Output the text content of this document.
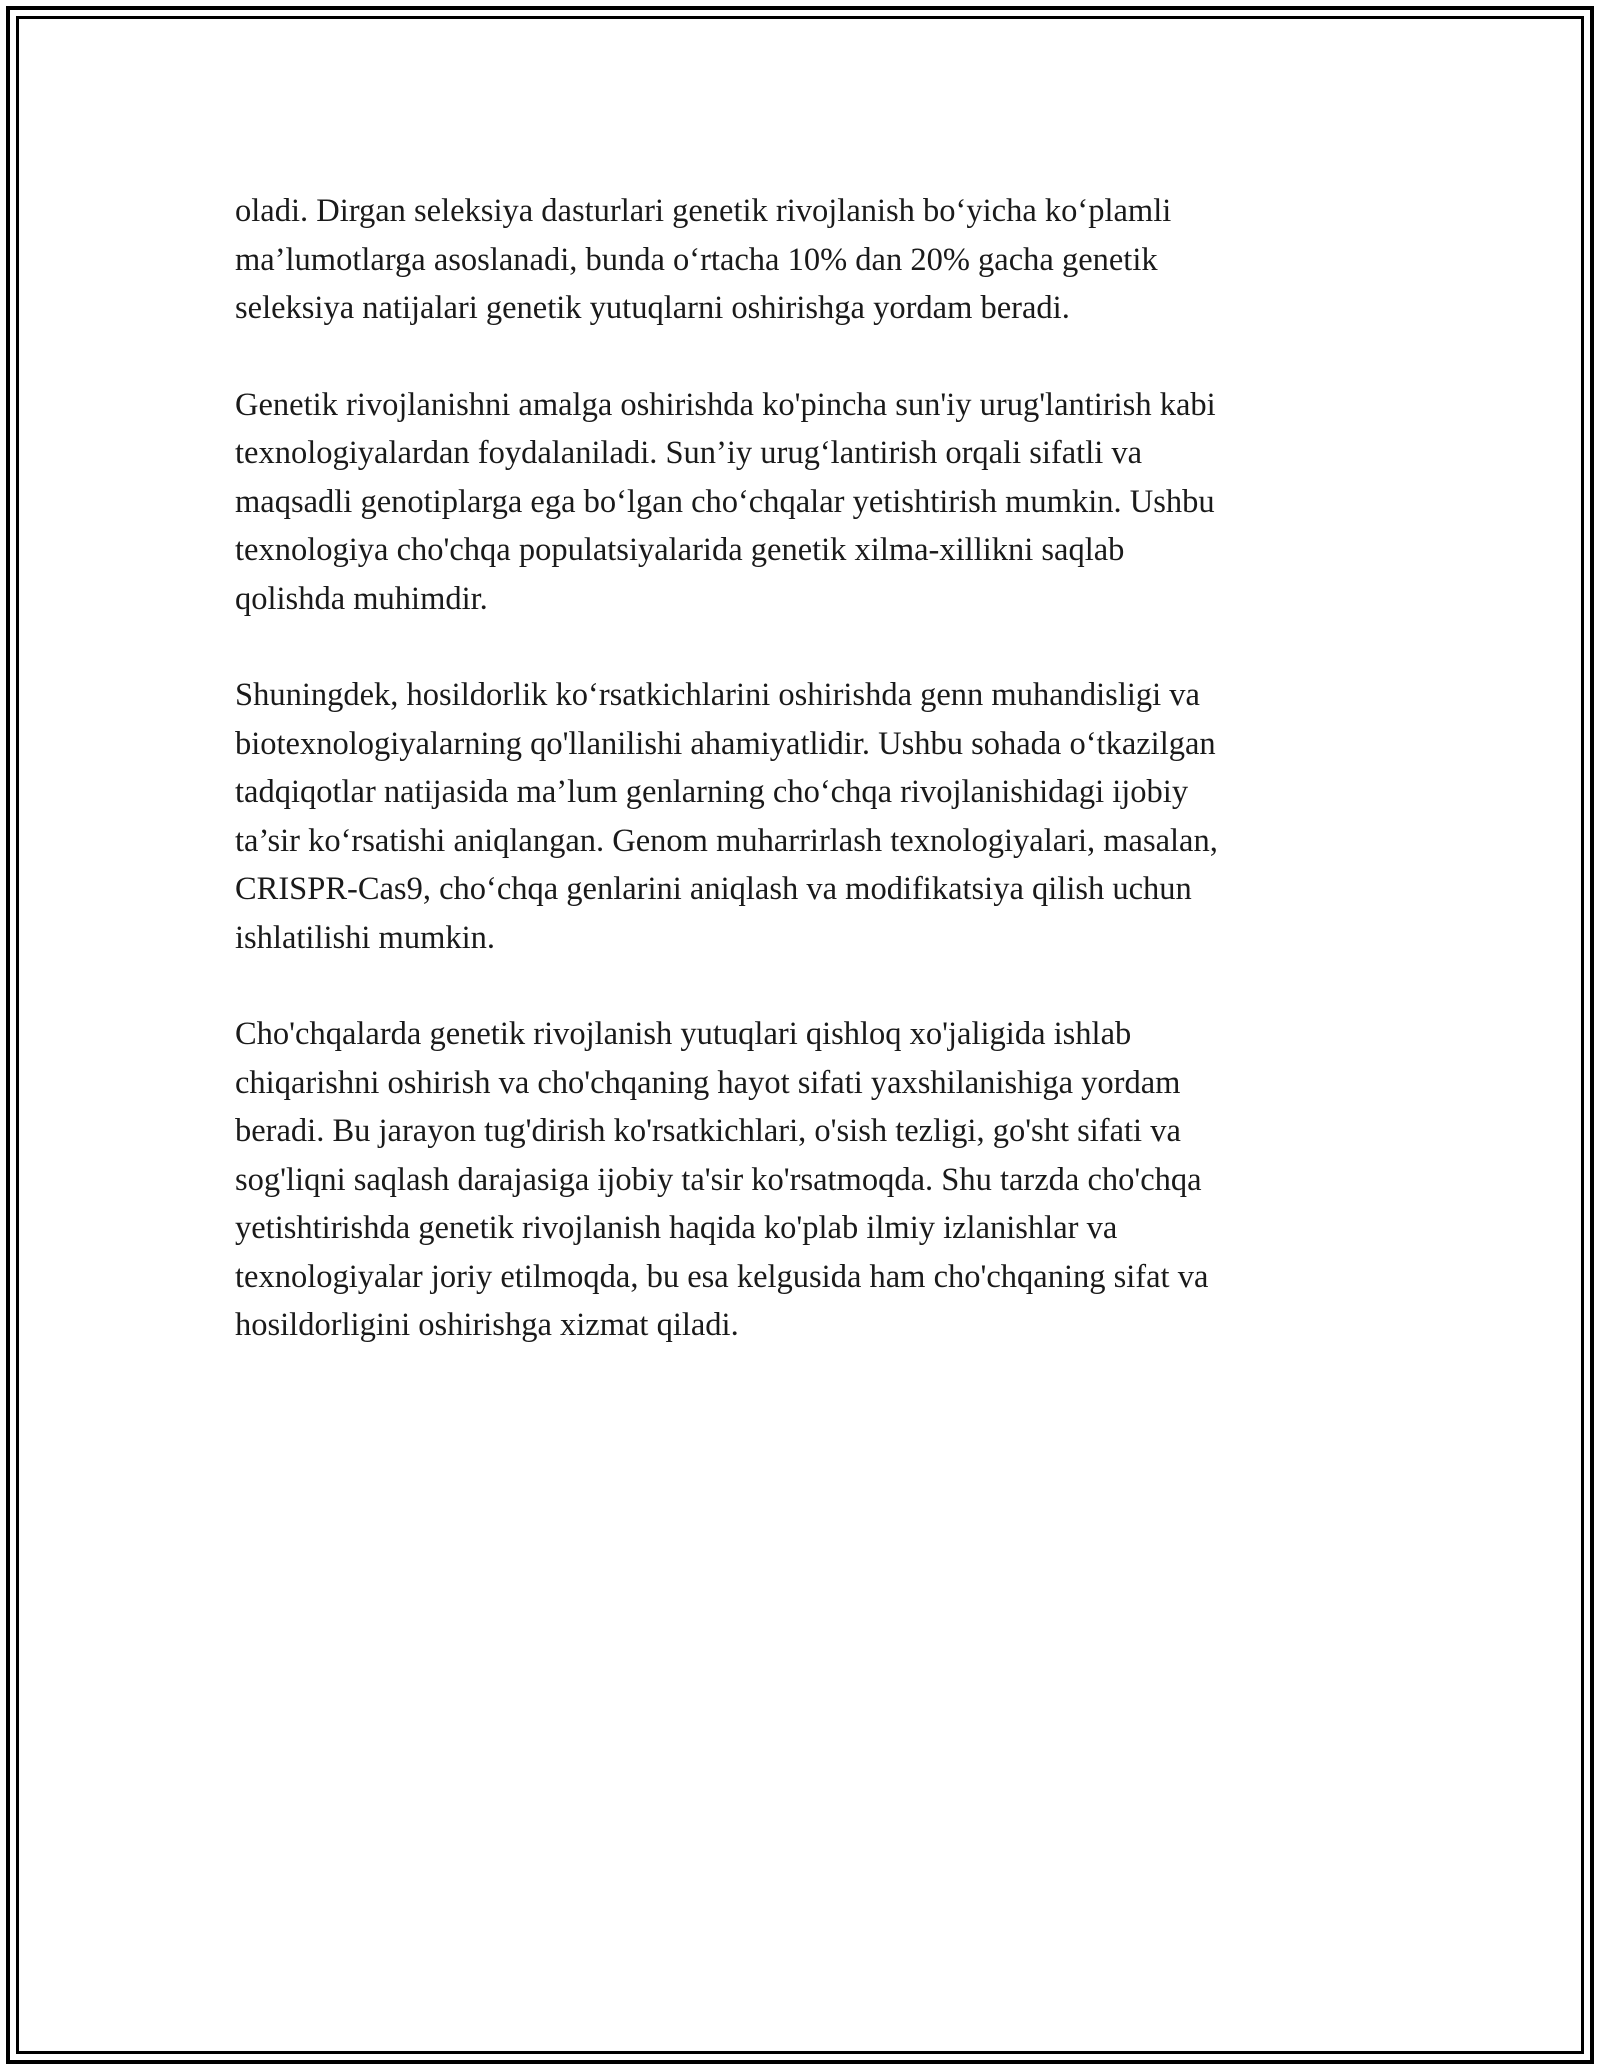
oladi. Dirgan seleksiya dasturlari genetik rivojlanish bo‘yicha ko‘plamli
ma’lumotlarga asoslanadi, bunda o‘rtacha 10% dan 20% gacha genetik
seleksiya natijalari genetik yutuqlarni oshirishga yordam beradi.

Genetik rivojlanishni amalga oshirishda ko'pincha sun'iy urug'lantirish kabi
texnologiyalardan foydalaniladi. Sun’iy urug‘lantirish orqali sifatli va
maqsadli genotiplarga ega bo‘lgan cho‘chqalar yetishtirish mumkin. Ushbu
texnologiya cho'chqa populatsiyalarida genetik xilma-xillikni saqlab
qolishda muhimdir.

Shuningdek, hosildorlik ko‘rsatkichlarini oshirishda genn muhandisligi va
biotexnologiyalarning qo'llanilishi ahamiyatlidir. Ushbu sohada o‘tkazilgan
tadqiqotlar natijasida ma’lum genlarning cho‘chqa rivojlanishidagi ijobiy
ta’sir ko‘rsatishi aniqlangan. Genom muharrirlash texnologiyalari, masalan,
CRISPR-Cas9, cho‘chqa genlarini aniqlash va modifikatsiya qilish uchun
ishlatilishi mumkin.

Cho'chqalarda genetik rivojlanish yutuqlari qishloq xo'jaligida ishlab
chiqarishni oshirish va cho'chqaning hayot sifati yaxshilanishiga yordam
beradi. Bu jarayon tug'dirish ko'rsatkichlari, o'sish tezligi, go'sht sifati va
sog'liqni saqlash darajasiga ijobiy ta'sir ko'rsatmoqda. Shu tarzda cho'chqa
yetishtirishda genetik rivojlanish haqida ko'plab ilmiy izlanishlar va
texnologiyalar joriy etilmoqda, bu esa kelgusida ham cho'chqaning sifat va
hosildorligini oshirishga xizmat qiladi.
